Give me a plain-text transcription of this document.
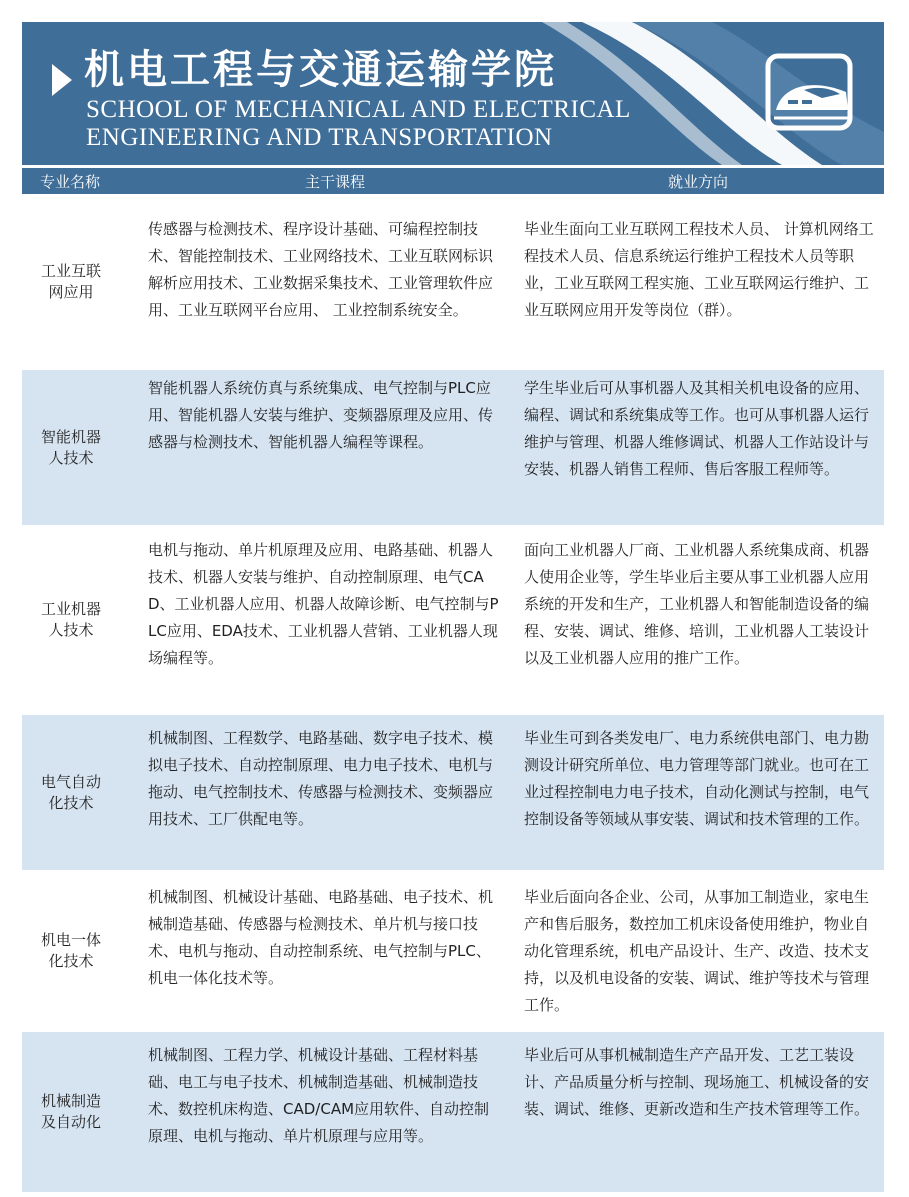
机电工程与交通运输学院
SCHOOL OF MECHANICAL AND ELECTRICAL
ENGINEERING AND TRANSPORTATION
专业名称	主干课程	就业方向
工业互联网应用
传感器与检测技术、程序设计基础、可编程控制技术、智能控制技术、工业网络技术、工业互联网标识解析应用技术、工业数据采集技术、工业管理软件应用、工业互联网平台应用、 工业控制系统安全。
毕业生面向工业互联网工程技术人员、 计算机网络工程技术人员、信息系统运行维护工程技术人员等职业，工业互联网工程实施、工业互联网运行维护、工业互联网应用开发等岗位（群）。
智能机器人技术
智能机器人系统仿真与系统集成、电气控制与PLC应用、智能机器人安装与维护、变频器原理及应用、传感器与检测技术、智能机器人编程等课程。
学生毕业后可从事机器人及其相关机电设备的应用、编程、调试和系统集成等工作。也可从事机器人运行维护与管理、机器人维修调试、机器人工作站设计与安装、机器人销售工程师、售后客服工程师等。
工业机器人技术
电机与拖动、单片机原理及应用、电路基础、机器人技术、机器人安装与维护、自动控制原理、电气CAD、工业机器人应用、机器人故障诊断、电气控制与PLC应用、EDA技术、工业机器人营销、工业机器人现场编程等。
面向工业机器人厂商、工业机器人系统集成商、机器人使用企业等，学生毕业后主要从事工业机器人应用系统的开发和生产，工业机器人和智能制造设备的编程、安装、调试、维修、培训，工业机器人工装设计以及工业机器人应用的推广工作。
电气自动化技术
机械制图、工程数学、电路基础、数字电子技术、模拟电子技术、自动控制原理、电力电子技术、电机与拖动、电气控制技术、传感器与检测技术、变频器应用技术、工厂供配电等。
毕业生可到各类发电厂、电力系统供电部门、电力勘测设计研究所单位、电力管理等部门就业。也可在工业过程控制电力电子技术，自动化测试与控制，电气控制设备等领域从事安装、调试和技术管理的工作。
机电一体化技术
机械制图、机械设计基础、电路基础、电子技术、机械制造基础、传感器与检测技术、单片机与接口技术、电机与拖动、自动控制系统、电气控制与PLC、机电一体化技术等。
毕业后面向各企业、公司，从事加工制造业，家电生产和售后服务，数控加工机床设备使用维护，物业自动化管理系统，机电产品设计、生产、改造、技术支持，以及机电设备的安装、调试、维护等技术与管理工作。
机械制造及自动化
机械制图、工程力学、机械设计基础、工程材料基础、电工与电子技术、机械制造基础、机械制造技术、数控机床构造、CAD/CAM应用软件、自动控制原理、电机与拖动、单片机原理与应用等。
毕业后可从事机械制造生产产品开发、工艺工装设计、产品质量分析与控制、现场施工、机械设备的安装、调试、维修、更新改造和生产技术管理等工作。
